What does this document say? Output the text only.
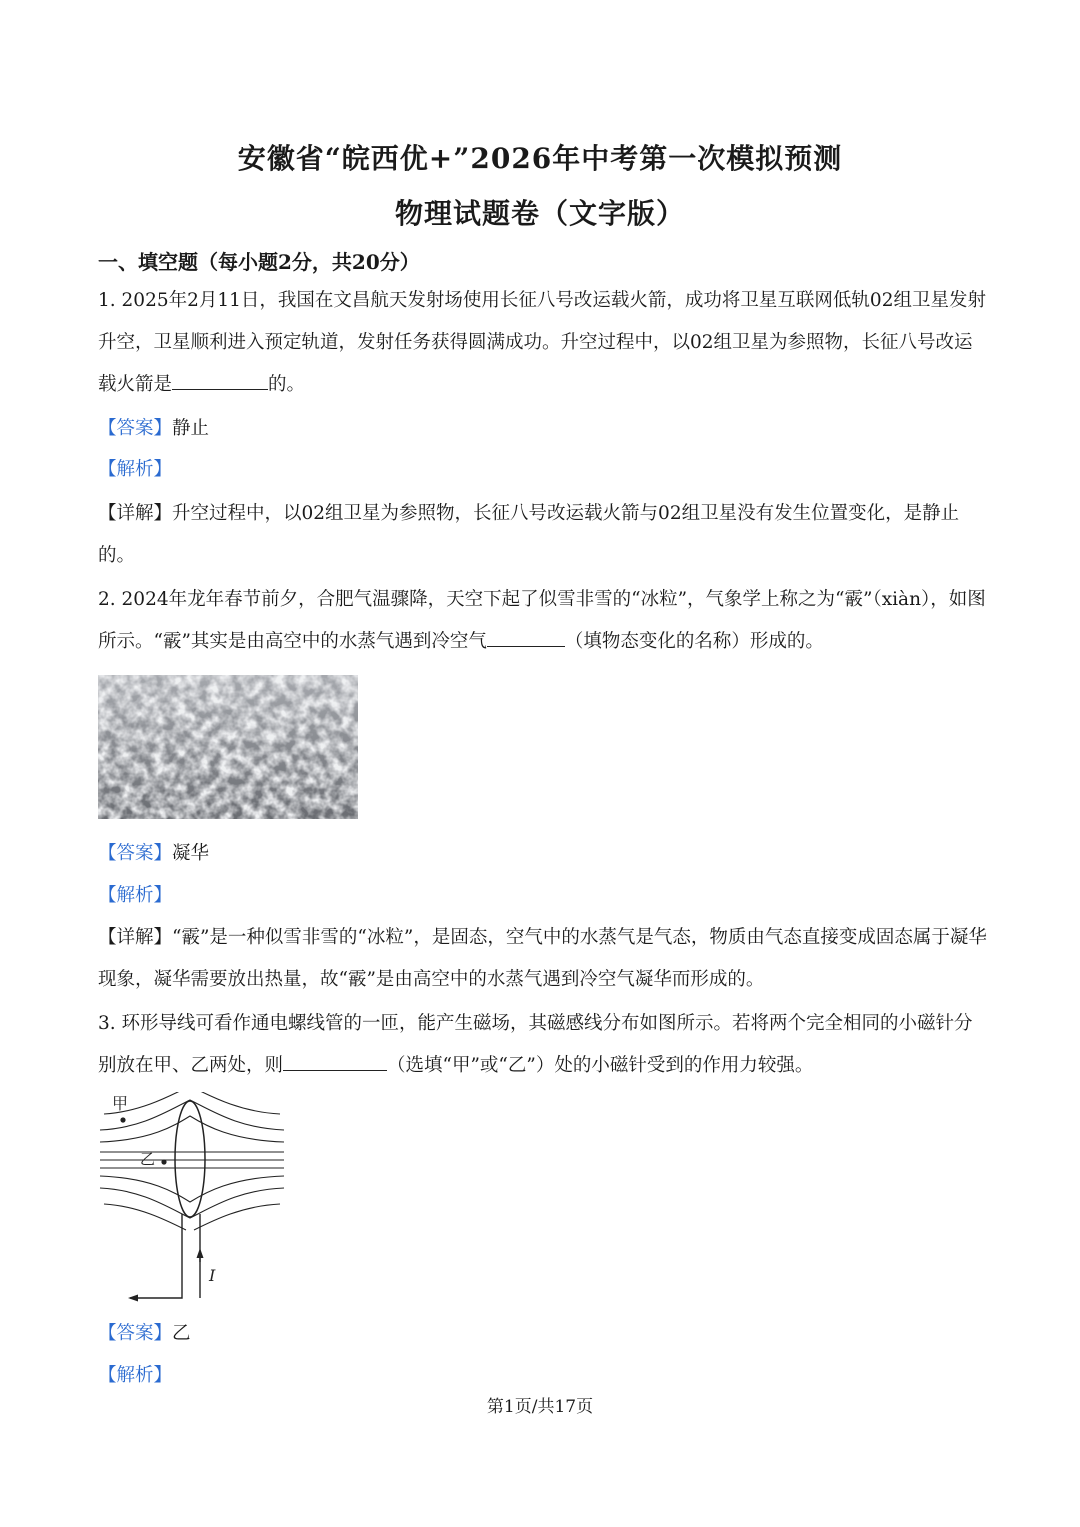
安徽省“皖西优+”2026年中考第一次模拟预测
物理试题卷（文字版）
一、填空题（每小题2分，共20分）
1. 2025年2月11日，我国在文昌航天发射场使用长征八号改运载火箭，成功将卫星互联网低轨02组卫星发射升空，卫星顺利进入预定轨道，发射任务获得圆满成功。升空过程中，以02组卫星为参照物，长征八号改运载火箭是	的。
【答案】静止
【解析】
【详解】升空过程中，以02组卫星为参照物，长征八号改运载火箭与02组卫星没有发生位置变化，是静止的。
2. 2024年龙年春节前夕，合肥气温骤降，天空下起了似雪非雪的“冰粒”，气象学上称之为“霰”（xiàn），如图所示。“霰”其实是由高空中的水蒸气遇到冷空气	（填物态变化的名称）形成的。
【答案】凝华
【解析】
【详解】“霰”是一种似雪非雪的“冰粒”，是固态，空气中的水蒸气是气态，物质由气态直接变成固态属于凝华现象，凝华需要放出热量，故“霰”是由高空中的水蒸气遇到冷空气凝华而形成的。
3. 环形导线可看作通电螺线管的一匝，能产生磁场，其磁感线分布如图所示。若将两个完全相同的小磁针分别放在甲、乙两处，则	（选填“甲”或“乙”）处的小磁针受到的作用力较强。
甲
乙
I
【答案】乙
【解析】
第1页/共17页
